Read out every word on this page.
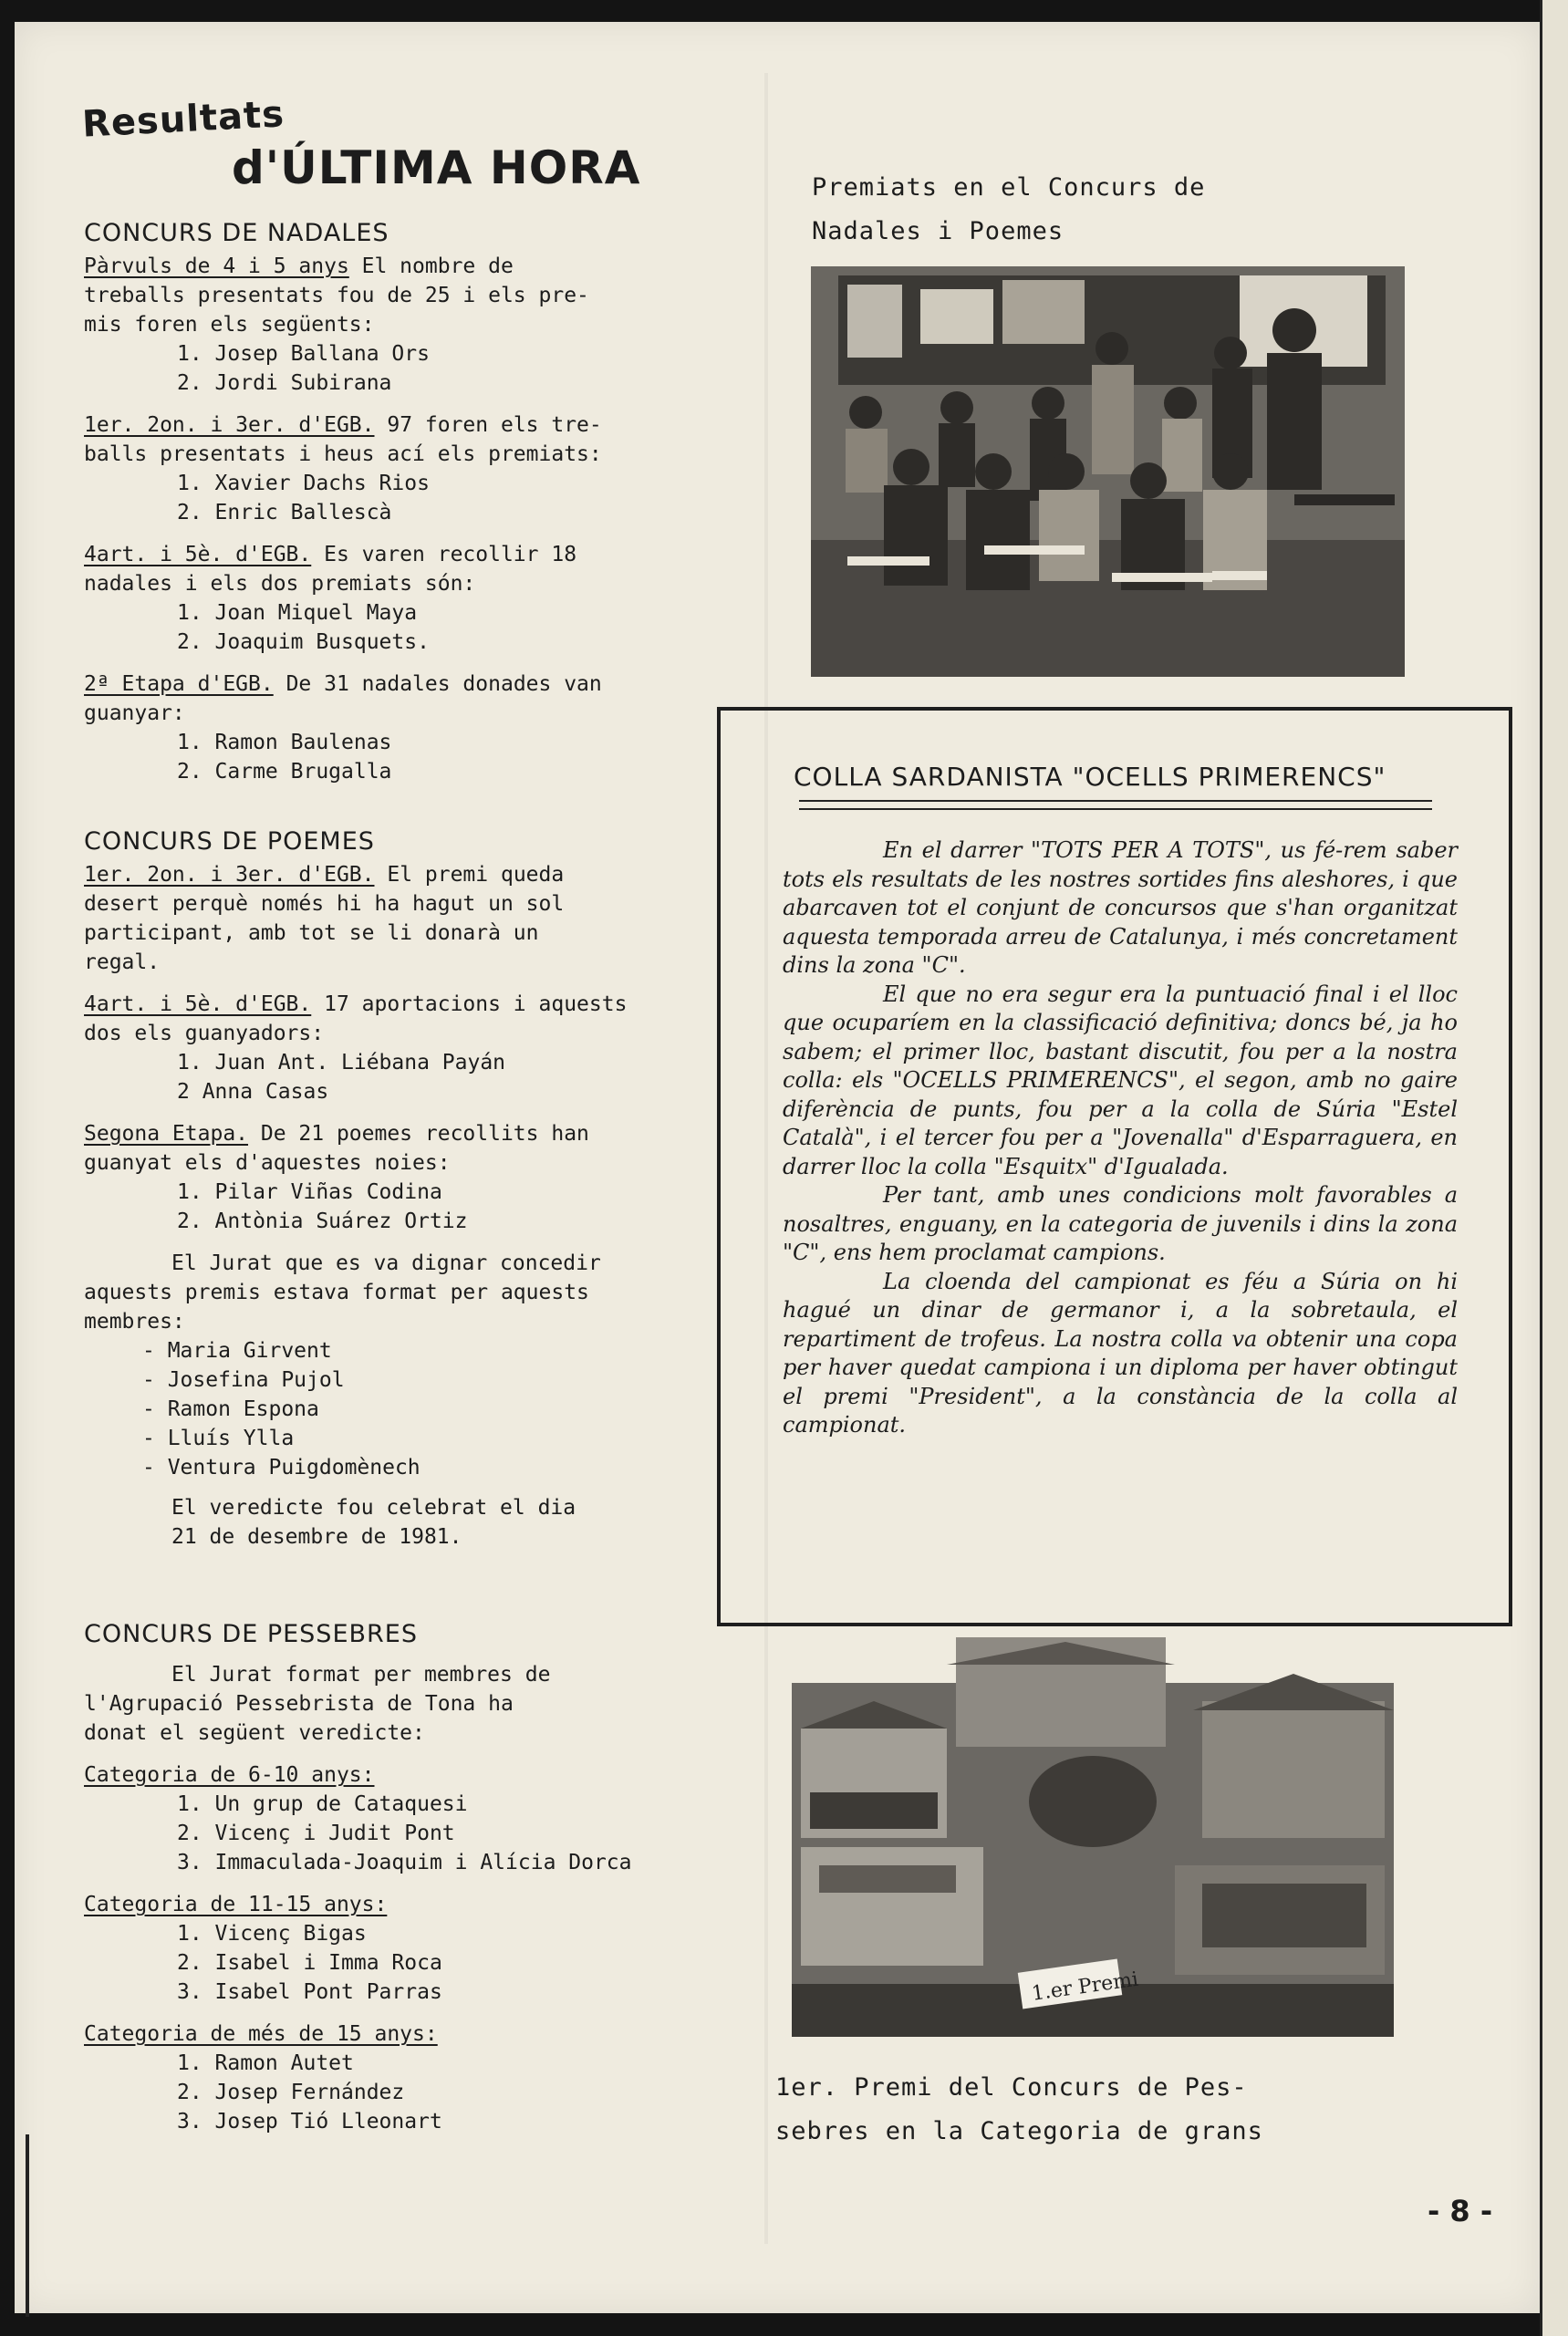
Resultats
d'ÚLTIMA HORA
CONCURS DE NADALES
Pàrvuls de 4 i 5 anys El nombre de
treballs presentats fou de 25 i els pre-
mis foren els següents:
1. Josep Ballana Ors
2. Jordi Subirana
1er. 2on. i 3er. d'EGB. 97 foren els tre-
balls presentats i heus ací els premiats:
1. Xavier Dachs Rios
2. Enric Ballescà
4art. i 5è. d'EGB. Es varen recollir 18
nadales i els dos premiats són:
1. Joan Miquel Maya
2. Joaquim Busquets.
2ª Etapa d'EGB. De 31 nadales donades van
guanyar:
1. Ramon Baulenas
2. Carme Brugalla
CONCURS DE POEMES
1er. 2on. i 3er. d'EGB. El premi queda
desert perquè només hi ha hagut un sol
participant, amb tot se li donarà un
regal.
4art. i 5è. d'EGB. 17 aportacions i aquests
dos els guanyadors:
1. Juan Ant. Liébana Payán
2 Anna Casas
Segona Etapa. De 21 poemes recollits han
guanyat els d'aquestes noies:
1. Pilar Viñas Codina
2. Antònia Suárez Ortiz
El Jurat que es va dignar concedir
aquests premis estava format per aquests
membres:
- Maria Girvent
- Josefina Pujol
- Ramon Espona
- Lluís Ylla
- Ventura Puigdomènech
El veredicte fou celebrat el dia
21 de desembre de 1981.
CONCURS DE PESSEBRES
El Jurat format per membres de
l'Agrupació Pessebrista de Tona ha
donat el següent veredicte:
Categoria de 6-10 anys:
1. Un grup de Cataquesi
2. Vicenç i Judit Pont
3. Immaculada-Joaquim i Alícia Dorca
Categoria de 11-15 anys:
1. Vicenç Bigas
2. Isabel i Imma Roca
3. Isabel Pont Parras
Categoria de més de 15 anys:
1. Ramon Autet
2. Josep Fernández
3. Josep Tió Lleonart
Premiats en el Concurs de
Nadales i Poemes
COLLA SARDANISTA "OCELLS PRIMERENCS"

En el darrer "TOTS PER A TOTS", us fé-rem saber tots els resultats de les nostres sortides fins aleshores, i que abarcaven tot el conjunt de concursos que s'han organitzat aquesta temporada arreu de Catalunya, i més concretament dins la zona "C".

El que no era segur era la puntuació final i el lloc que ocuparíem en la classificació definitiva; doncs bé, ja ho sabem; el primer lloc, bastant discutit, fou per a la nostra colla: els "OCELLS PRIMERENCS", el segon, amb no gaire diferència de punts, fou per a la colla de Súria "Estel Català", i el tercer fou per a "Jovenalla" d'Esparraguera, en darrer lloc la colla "Esquitx" d'Igualada.

Per tant, amb unes condicions molt favorables a nosaltres, enguany, en la categoria de juvenils i dins la zona "C", ens hem proclamat campions.

La cloenda del campionat es féu a Súria on hi hagué un dinar de germanor i, a la sobretaula, el repartiment de trofeus. La nostra colla va obtenir una copa per haver quedat campiona i un diploma per haver obtingut el premi "President", a la constància de la colla al campionat.

1.er Premi
1er. Premi del Concurs de Pes-
sebres en la Categoria de grans
- 8 -
